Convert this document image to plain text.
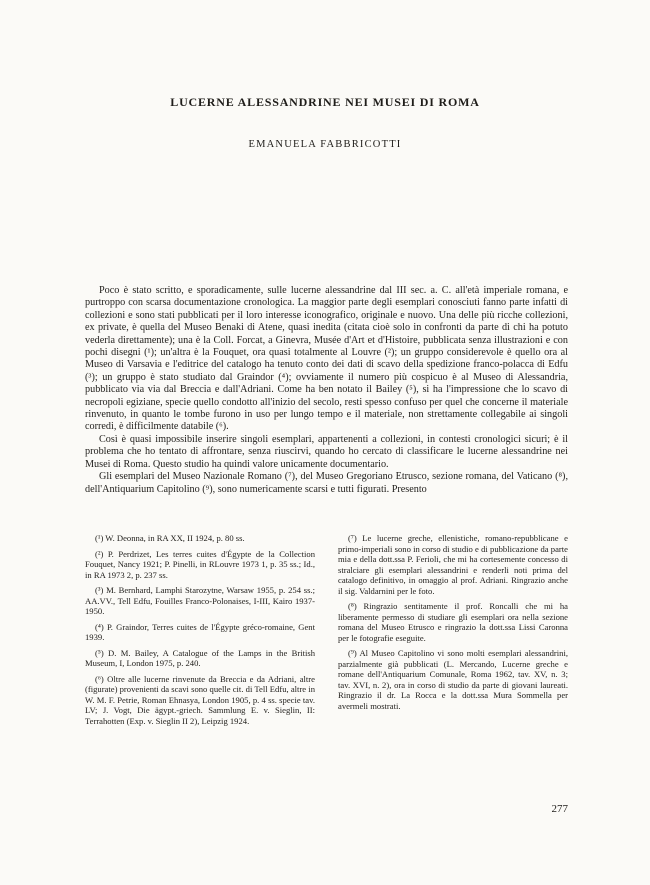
LUCERNE ALESSANDRINE NEI MUSEI DI ROMA
EMANUELA FABBRICOTTI

Poco è stato scritto, e sporadicamente, sulle lucerne alessandrine dal III sec. a. C. all'età imperiale romana, e purtroppo con scarsa documentazione cronologica. La maggior parte degli esemplari conosciuti fanno parte infatti di collezioni e sono stati pubblicati per il loro interesse iconografico, originale e nuovo. Una delle più ricche collezioni, ex private, è quella del Museo Benaki di Atene, quasi inedita (citata cioè solo in confronti da parte di chi ha potuto vederla direttamente); una è la Coll. Forcat, a Ginevra, Musée d'Art et d'Histoire, pubblicata senza illustrazioni e con pochi disegni (¹); un'altra è la Fouquet, ora quasi totalmente al Louvre (²); un gruppo considerevole è quello ora al Museo di Varsavia e l'editrice del catalogo ha tenuto conto dei dati di scavo della spedizione franco-polacca di Edfu (³); un gruppo è stato studiato dal Graindor (⁴); ovviamente il numero più cospicuo è al Museo di Alessandria, pubblicato via via dal Breccia e dall'Adriani. Come ha ben notato il Bailey (⁵), si ha l'impressione che lo scavo di necropoli egiziane, specie quello condotto all'inizio del secolo, resti spesso confuso per quel che concerne il materiale rinvenuto, in quanto le tombe furono in uso per lungo tempo e il materiale, non strettamente collegabile ai singoli corredi, è difficilmente databile (⁶).

Così è quasi impossibile inserire singoli esemplari, appartenenti a collezioni, in contesti cronologici sicuri; è il problema che ho tentato di affrontare, senza riuscirvi, quando ho cercato di classificare le lucerne alessandrine nei Musei di Roma. Questo studio ha quindi valore unicamente documentario.

Gli esemplari del Museo Nazionale Romano (⁷), del Museo Gregoriano Etrusco, sezione romana, del Vaticano (⁸), dell'Antiquarium Capitolino (⁹), sono numericamente scarsi e tutti figurati. Presento

(¹) W. Deonna, in RA XX, II 1924, p. 80 ss.

(²) P. Perdrizet, Les terres cuites d'Égypte de la Collection Fouquet, Nancy 1921; P. Pinelli, in RLouvre 1973 1, p. 35 ss.; Id., in RA 1973 2, p. 237 ss.

(³) M. Bernhard, Lamphi Starozytne, Warsaw 1955, p. 254 ss.; AA.VV., Tell Edfu, Fouilles Franco-Polonaises, I-III, Kairo 1937-1950.

(⁴) P. Graindor, Terres cuites de l'Égypte gréco-romaine, Gent 1939.

(⁵) D. M. Bailey, A Catalogue of the Lamps in the British Museum, I, London 1975, p. 240.

(⁶) Oltre alle lucerne rinvenute da Breccia e da Adriani, altre (figurate) provenienti da scavi sono quelle cit. di Tell Edfu, altre in W. M. F. Petrie, Roman Ehnasya, London 1905, p. 4 ss. specie tav. LV; J. Vogt, Die ägypt.-griech. Sammlung E. v. Sieglin, II: Terrahotten (Exp. v. Sieglin II 2), Leipzig 1924.

(⁷) Le lucerne greche, ellenistiche, romano-repubblicane e primo-imperiali sono in corso di studio e di pubblicazione da parte mia e della dott.ssa P. Ferioli, che mi ha cortesemente concesso di stralciare gli esemplari alessandrini e renderli noti prima del catalogo definitivo, in omaggio al prof. Adriani. Ringrazio anche il sig. Valdarnini per le foto.

(⁸) Ringrazio sentitamente il prof. Roncalli che mi ha liberamente permesso di studiare gli esemplari ora nella sezione romana del Museo Etrusco e ringrazio la dott.ssa Lissi Caronna per le fotografie eseguite.

(⁹) Al Museo Capitolino vi sono molti esemplari alessandrini, parzialmente già pubblicati (L. Mercando, Lucerne greche e romane dell'Antiquarium Comunale, Roma 1962, tav. XV, n. 3; tav. XVI, n. 2), ora in corso di studio da parte di giovani laureati. Ringrazio il dr. La Rocca e la dott.ssa Mura Sommella per avermeli mostrati.

277
